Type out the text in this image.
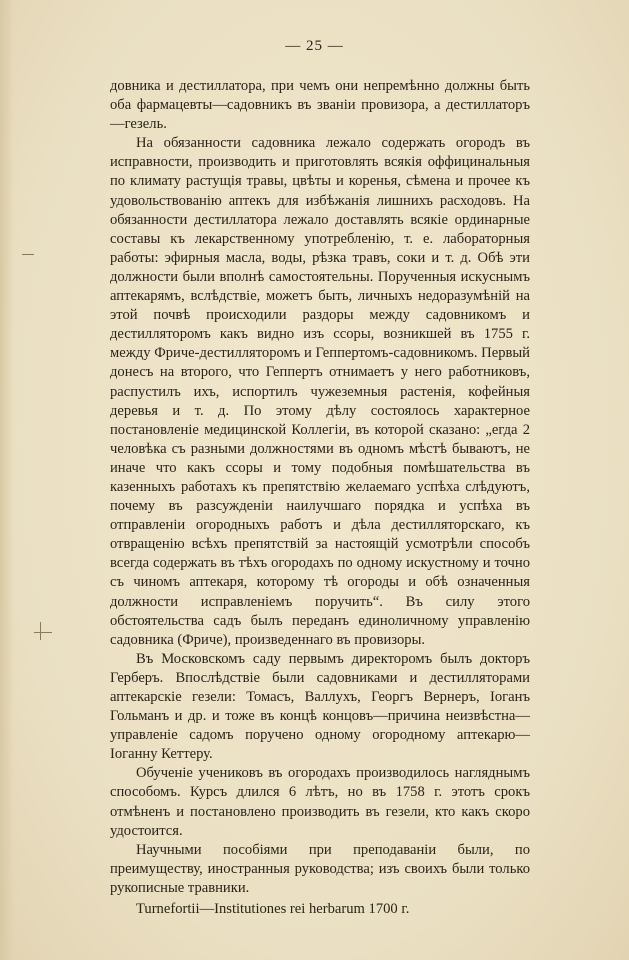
— 25 —

довника и дестиллатора, при чемъ они непремѣнно должны быть оба фармацевты—садовникъ въ званіи провизора, а дестиллаторъ—гезель.

На обязанности садовника лежало содержать огородъ въ исправности, производить и приготовлять всякія оффицинальныя по климату растущія травы, цвѣты и коренья, сѣмена и прочее къ удовольствованію аптекъ для избѣжанія лишнихъ расходовъ. На обязанности дестиллатора лежало доставлять всякіе ординарные составы къ лекарственному употребленію, т. е. лабораторныя работы: эфирныя масла, воды, рѣзка травъ, соки и т. д. Обѣ эти должности были вполнѣ самостоятельны. Порученныя искуснымъ аптекарямъ, вслѣдствіе, можетъ быть, личныхъ недоразумѣній на этой почвѣ происходили раздоры между садовникомъ и дестилляторомъ какъ видно изъ ссоры, возникшей въ 1755 г. между Фриче-дестилляторомъ и Геппертомъ-садовникомъ. Первый донесъ на второго, что Геппертъ отнимаетъ у него работниковъ, распустилъ ихъ, испортилъ чужеземныя растенія, кофейныя деревья и т. д. По этому дѣлу состоялось характерное постановленіе медицинской Коллегіи, въ которой сказано: „егда 2 человѣка съ разными должностями въ одномъ мѣстѣ бываютъ, не иначе что какъ ссоры и тому подобныя помѣшательства въ казенныхъ работахъ къ препятствію желаемаго успѣха слѣдуютъ, почему въ разсужденіи наилучшаго порядка и успѣха въ отправленіи огородныхъ работъ и дѣла дестилляторскаго, къ отвращенію всѣхъ препятствій за настоящій усмотрѣли способъ всегда содержать въ тѣхъ огородахъ по одному искустному и точно съ чиномъ аптекаря, которому тѣ огороды и обѣ означенныя должности исправленіемъ поручить“. Въ силу этого обстоятельства садъ былъ переданъ единоличному управленію садовника (Фриче), произведеннаго въ провизоры.

Въ Московскомъ саду первымъ директоромъ былъ докторъ Герберъ. Впослѣдствіе были садовниками и дестилляторами аптекарскіе гезели: Томасъ, Валлухъ, Георгъ Вернеръ, Іоганъ Гольманъ и др. и тоже въ концѣ концовъ—причина неизвѣстна—управленіе садомъ поручено одному огородному аптекарю—Іоганну Кеттеру.

Обученіе учениковъ въ огородахъ производилось нагляднымъ способомъ. Курсъ длился 6 лѣтъ, но въ 1758 г. этотъ срокъ отмѣненъ и постановлено производить въ гезели, кто какъ скоро удостоится.

Научными пособіями при преподаваніи были, по преимуществу, иностранныя руководства; изъ своихъ были только рукописные травники.

Turnefortii—Institutiones rei herbarum 1700 г.
